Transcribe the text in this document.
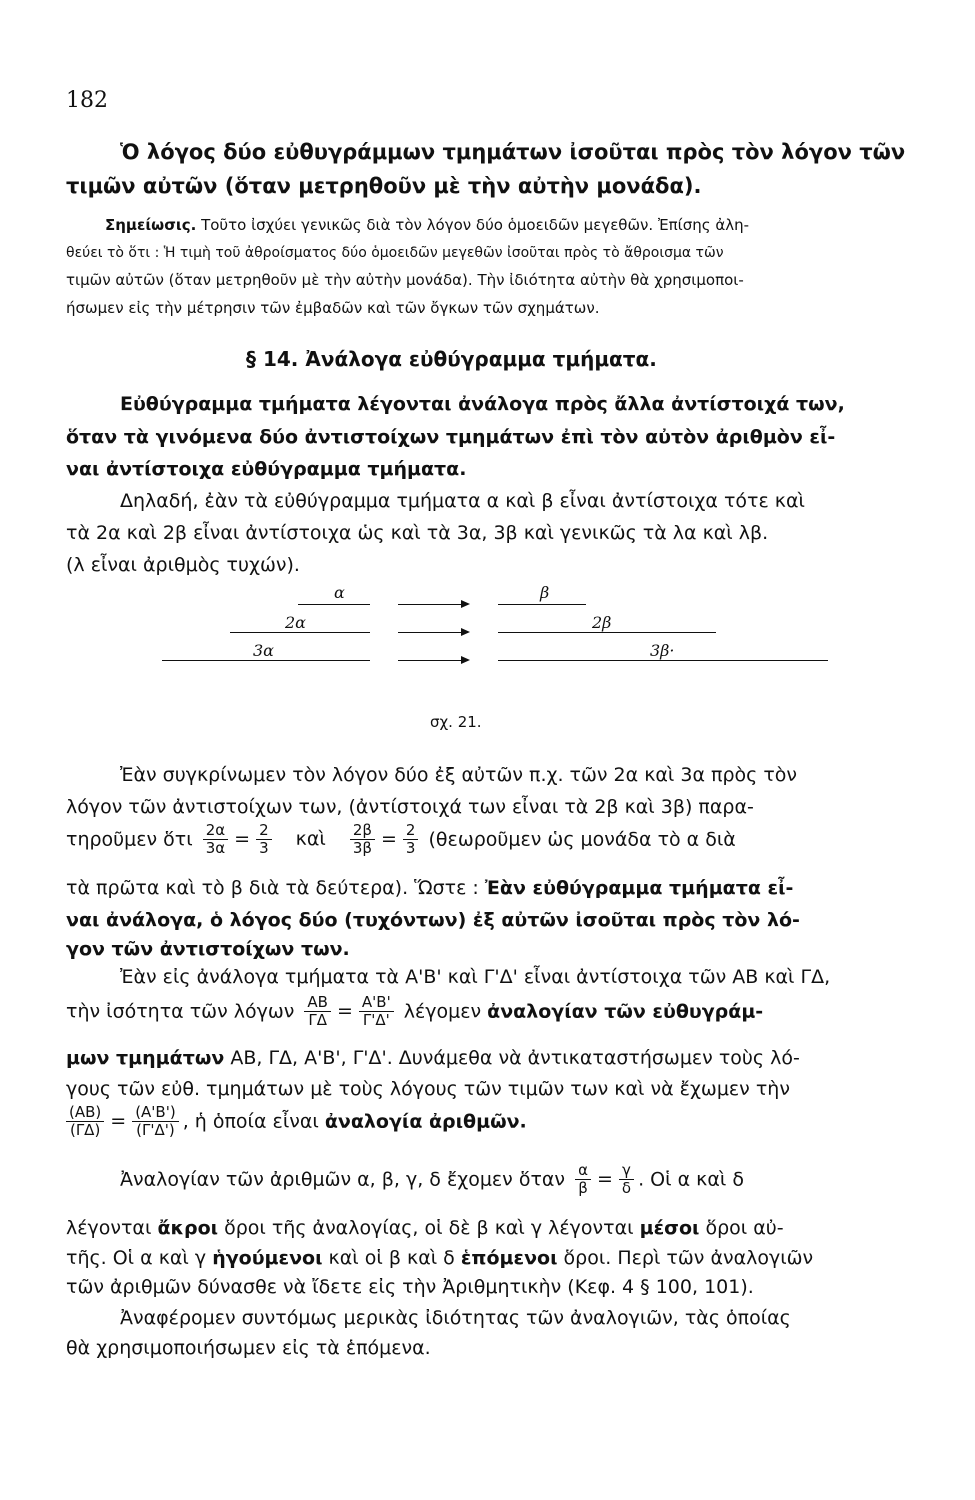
182
Ὁ λόγος δύο εὐθυγράμμων τμημάτων ἰσοῦται πρὸς τὸν λόγον τῶν
τιμῶν αὐτῶν (ὅταν μετρηθοῦν μὲ τὴν αὐτὴν μονάδα).
Σημείωσις. Τοῦτο ἰσχύει γενικῶς διὰ τὸν λόγον δύο ὁμοειδῶν μεγεθῶν. Ἐπίσης ἀλη-
θεύει τὸ ὅτι : Ἡ τιμὴ τοῦ ἀθροίσματος δύο ὁμοειδῶν μεγεθῶν ἰσοῦται πρὸς τὸ ἄθροισμα τῶν
τιμῶν αὐτῶν (ὅταν μετρηθοῦν μὲ τὴν αὐτὴν μονάδα). Τὴν ἰδιότητα αὐτὴν θὰ χρησιμοποι-
ήσωμεν εἰς τὴν μέτρησιν τῶν ἐμβαδῶν καὶ τῶν ὄγκων τῶν σχημάτων.
§ 14. Ἀνάλογα εὐθύγραμμα τμήματα.
Εὐθύγραμμα τμήματα λέγονται ἀνάλογα πρὸς ἄλλα ἀντίστοιχά των,
ὅταν τὰ γινόμενα δύο ἀντιστοίχων τμημάτων ἐπὶ τὸν αὐτὸν ἀριθμὸν εἶ-
ναι ἀντίστοιχα εὐθύγραμμα τμήματα.
Δηλαδή, ἐὰν τὰ εὐθύγραμμα τμήματα α καὶ β εἶναι ἀντίστοιχα τότε καὶ
τὰ 2α καὶ 2β εἶναι ἀντίστοιχα ὡς καὶ τὰ 3α, 3β καὶ γενικῶς τὰ λα καὶ λβ.
(λ εἶναι ἀριθμὸς τυχών).
α	β
2α	2β
3α	3β·
σχ. 21.
Ἐὰν συγκρίνωμεν τὸν λόγον δύο ἐξ αὐτῶν π.χ. τῶν 2α καὶ 3α πρὸς τὸν
λόγον τῶν ἀντιστοίχων των, (ἀντίστοιχά των εἶναι τὰ 2β καὶ 3β) παρα-
τηροῦμεν ὅτι $\frac{2\alpha}{3\alpha} = \frac{2}{3}$ καὶ $\frac{2\beta}{3\beta} = \frac{2}{3}$ (θεωροῦμεν ὡς μονάδα τὸ α διὰ
τὰ πρῶτα καὶ τὸ β διὰ τὰ δεύτερα). Ὥστε : Ἐὰν εὐθύγραμμα τμήματα εἶ-
ναι ἀνάλογα, ὁ λόγος δύο (τυχόντων) ἐξ αὐτῶν ἰσοῦται πρὸς τὸν λό-
γον τῶν ἀντιστοίχων των.
Ἐὰν εἰς ἀνάλογα τμήματα τὰ Α'Β' καὶ Γ'Δ' εἶναι ἀντίστοιχα τῶν ΑΒ καὶ ΓΔ,
τὴν ἰσότητα τῶν λόγων $\frac{AB}{\Gamma\Delta} = \frac{A'B'}{\Gamma'\Delta'}$ λέγομεν ἀναλογίαν τῶν εὐθυγράμ-
μων τμημάτων ΑΒ, ΓΔ, Α'Β', Γ'Δ'. Δυνάμεθα νὰ ἀντικαταστήσωμεν τοὺς λό-
γους τῶν εὐθ. τμημάτων μὲ τοὺς λόγους τῶν τιμῶν των καὶ νὰ ἔχωμεν τὴν
$\frac{(AB)}{(\Gamma\Delta)} = \frac{(A'B')}{(\Gamma'\Delta')}$ , ἡ ὁποία εἶναι ἀναλογία ἀριθμῶν.
Ἀναλογίαν τῶν ἀριθμῶν α, β, γ, δ ἔχομεν ὅταν $\frac{\alpha}{\beta} = \frac{\gamma}{\delta}$ . Οἱ α καὶ δ
λέγονται ἄκροι ὅροι τῆς ἀναλογίας, οἱ δὲ β καὶ γ λέγονται μέσοι ὅροι αὐ-
τῆς. Οἱ α καὶ γ ἡγούμενοι καὶ οἱ β καὶ δ ἑπόμενοι ὅροι. Περὶ τῶν ἀναλογιῶν
τῶν ἀριθμῶν δύνασθε νὰ ἴδετε εἰς τὴν Ἀριθμητικὴν (Κεφ. 4 § 100, 101).
Ἀναφέρομεν συντόμως μερικὰς ἰδιότητας τῶν ἀναλογιῶν, τὰς ὁποίας
θὰ χρησιμοποιήσωμεν εἰς τὰ ἑπόμενα.
